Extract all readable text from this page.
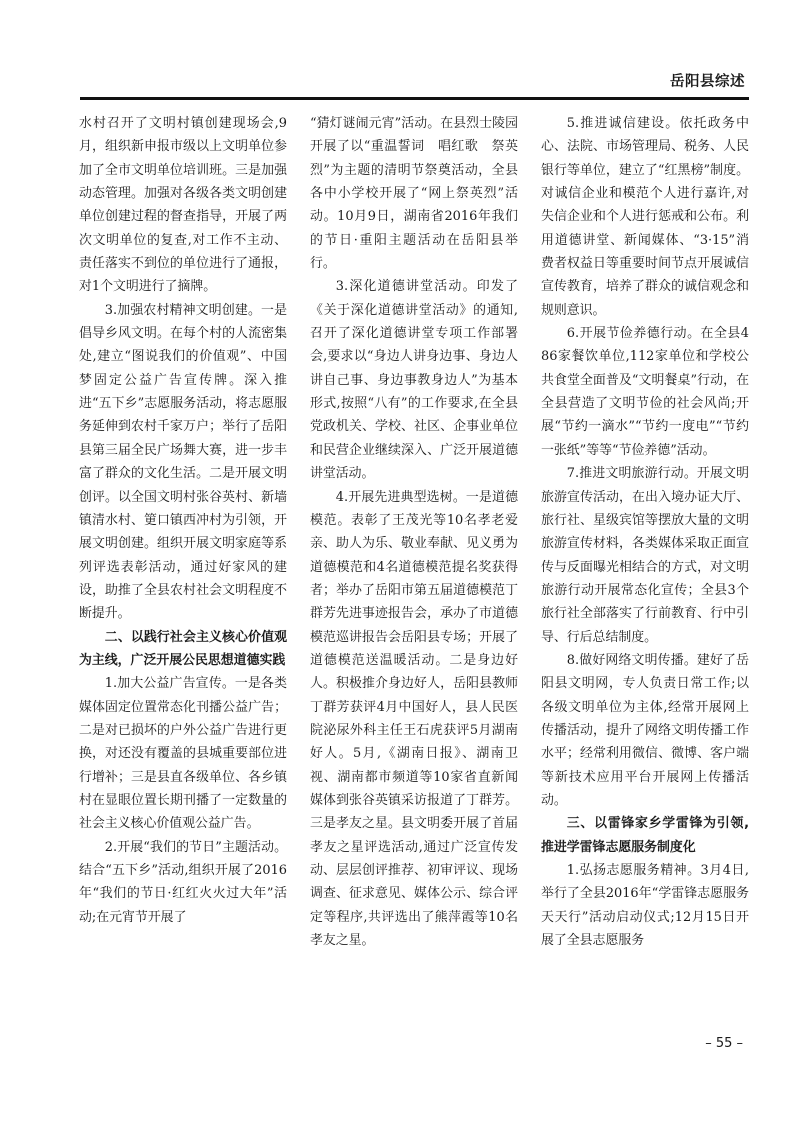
岳阳县综述

水村召开了文明村镇创建现场会,9月，组织新申报市级以上文明单位参加了全市文明单位培训班。三是加强动态管理。加强对各级各类文明创建单位创建过程的督查指导，开展了两次文明单位的复查,对工作不主动、责任落实不到位的单位进行了通报，对1个文明进行了摘牌。

3.加强农村精神文明创建。一是倡导乡风文明。在每个村的人流密集处,建立“图说我们的价值观”、中国梦固定公益广告宣传牌。深入推进“五下乡”志愿服务活动，将志愿服务延伸到农村千家万户；举行了岳阳县第三届全民广场舞大赛，进一步丰富了群众的文化生活。二是开展文明创评。以全国文明村张谷英村、新墙镇清水村、筻口镇西冲村为引领，开展文明创建。组织开展文明家庭等系列评选表彰活动，通过好家风的建设，助推了全县农村社会文明程度不断提升。

二、以践行社会主义核心价值观为主线，广泛开展公民思想道德实践

1.加大公益广告宣传。一是各类媒体固定位置常态化刊播公益广告；二是对已损坏的户外公益广告进行更换，对还没有覆盖的县城重要部位进行增补；三是县直各级单位、各乡镇村在显眼位置长期刊播了一定数量的社会主义核心价值观公益广告。

2.开展“我们的节日”主题活动。结合“五下乡”活动,组织开展了2016年“我们的节日·红红火火过大年”活动;在元宵节开展了

“猜灯谜闹元宵”活动。在县烈士陵园开展了以“重温誓词　唱红歌　祭英烈”为主题的清明节祭奠活动，全县各中小学校开展了“网上祭英烈”活动。10月9日，湖南省2016年我们的节日·重阳主题活动在岳阳县举行。

3.深化道德讲堂活动。印发了《关于深化道德讲堂活动》的通知,召开了深化道德讲堂专项工作部署会,要求以“身边人讲身边事、身边人讲自己事、身边事教身边人”为基本形式,按照“八有”的工作要求,在全县党政机关、学校、社区、企事业单位和民营企业继续深入、广泛开展道德讲堂活动。

4.开展先进典型选树。一是道德模范。表彰了王茂光等10名孝老爱亲、助人为乐、敬业奉献、见义勇为道德模范和4名道德模范提名奖获得者；举办了岳阳市第五届道德模范丁群芳先进事迹报告会，承办了市道德模范巡讲报告会岳阳县专场；开展了道德模范送温暖活动。二是身边好人。积极推介身边好人，岳阳县教师丁群芳获评4月中国好人，县人民医院泌尿外科主任王石虎获评5月湖南好人。5月,《湖南日报》、湖南卫视、湖南都市频道等10家省直新闻媒体到张谷英镇采访报道了丁群芳。三是孝友之星。县文明委开展了首届孝友之星评选活动,通过广泛宣传发动、层层创评推荐、初审评议、现场调查、征求意见、媒体公示、综合评定等程序,共评选出了熊萍霞等10名孝友之星。

5.推进诚信建设。依托政务中心、法院、市场管理局、税务、人民银行等单位，建立了“红黑榜”制度。对诚信企业和模范个人进行嘉许,对失信企业和个人进行惩戒和公布。利用道德讲堂、新闻媒体、“3·15”消费者权益日等重要时间节点开展诚信宣传教育，培养了群众的诚信观念和规则意识。

6.开展节俭养德行动。在全县486家餐饮单位,112家单位和学校公共食堂全面普及“文明餐桌”行动，在全县营造了文明节俭的社会风尚;开展“节约一滴水”“节约一度电”“节约一张纸”等等“节俭养德”活动。

7.推进文明旅游行动。开展文明旅游宣传活动，在出入境办证大厅、旅行社、星级宾馆等摆放大量的文明旅游宣传材料，各类媒体采取正面宣传与反面曝光相结合的方式，对文明旅游行动开展常态化宣传；全县3个旅行社全部落实了行前教育、行中引导、行后总结制度。

8.做好网络文明传播。建好了岳阳县文明网，专人负责日常工作;以各级文明单位为主体,经常开展网上传播活动，提升了网络文明传播工作水平；经常利用微信、微博、客户端等新技术应用平台开展网上传播活动。

三、以雷锋家乡学雷锋为引领,推进学雷锋志愿服务制度化

1.弘扬志愿服务精神。3月4日,举行了全县2016年“学雷锋志愿服务天天行”活动启动仪式;12月15日开展了全县志愿服务

– 55 –
